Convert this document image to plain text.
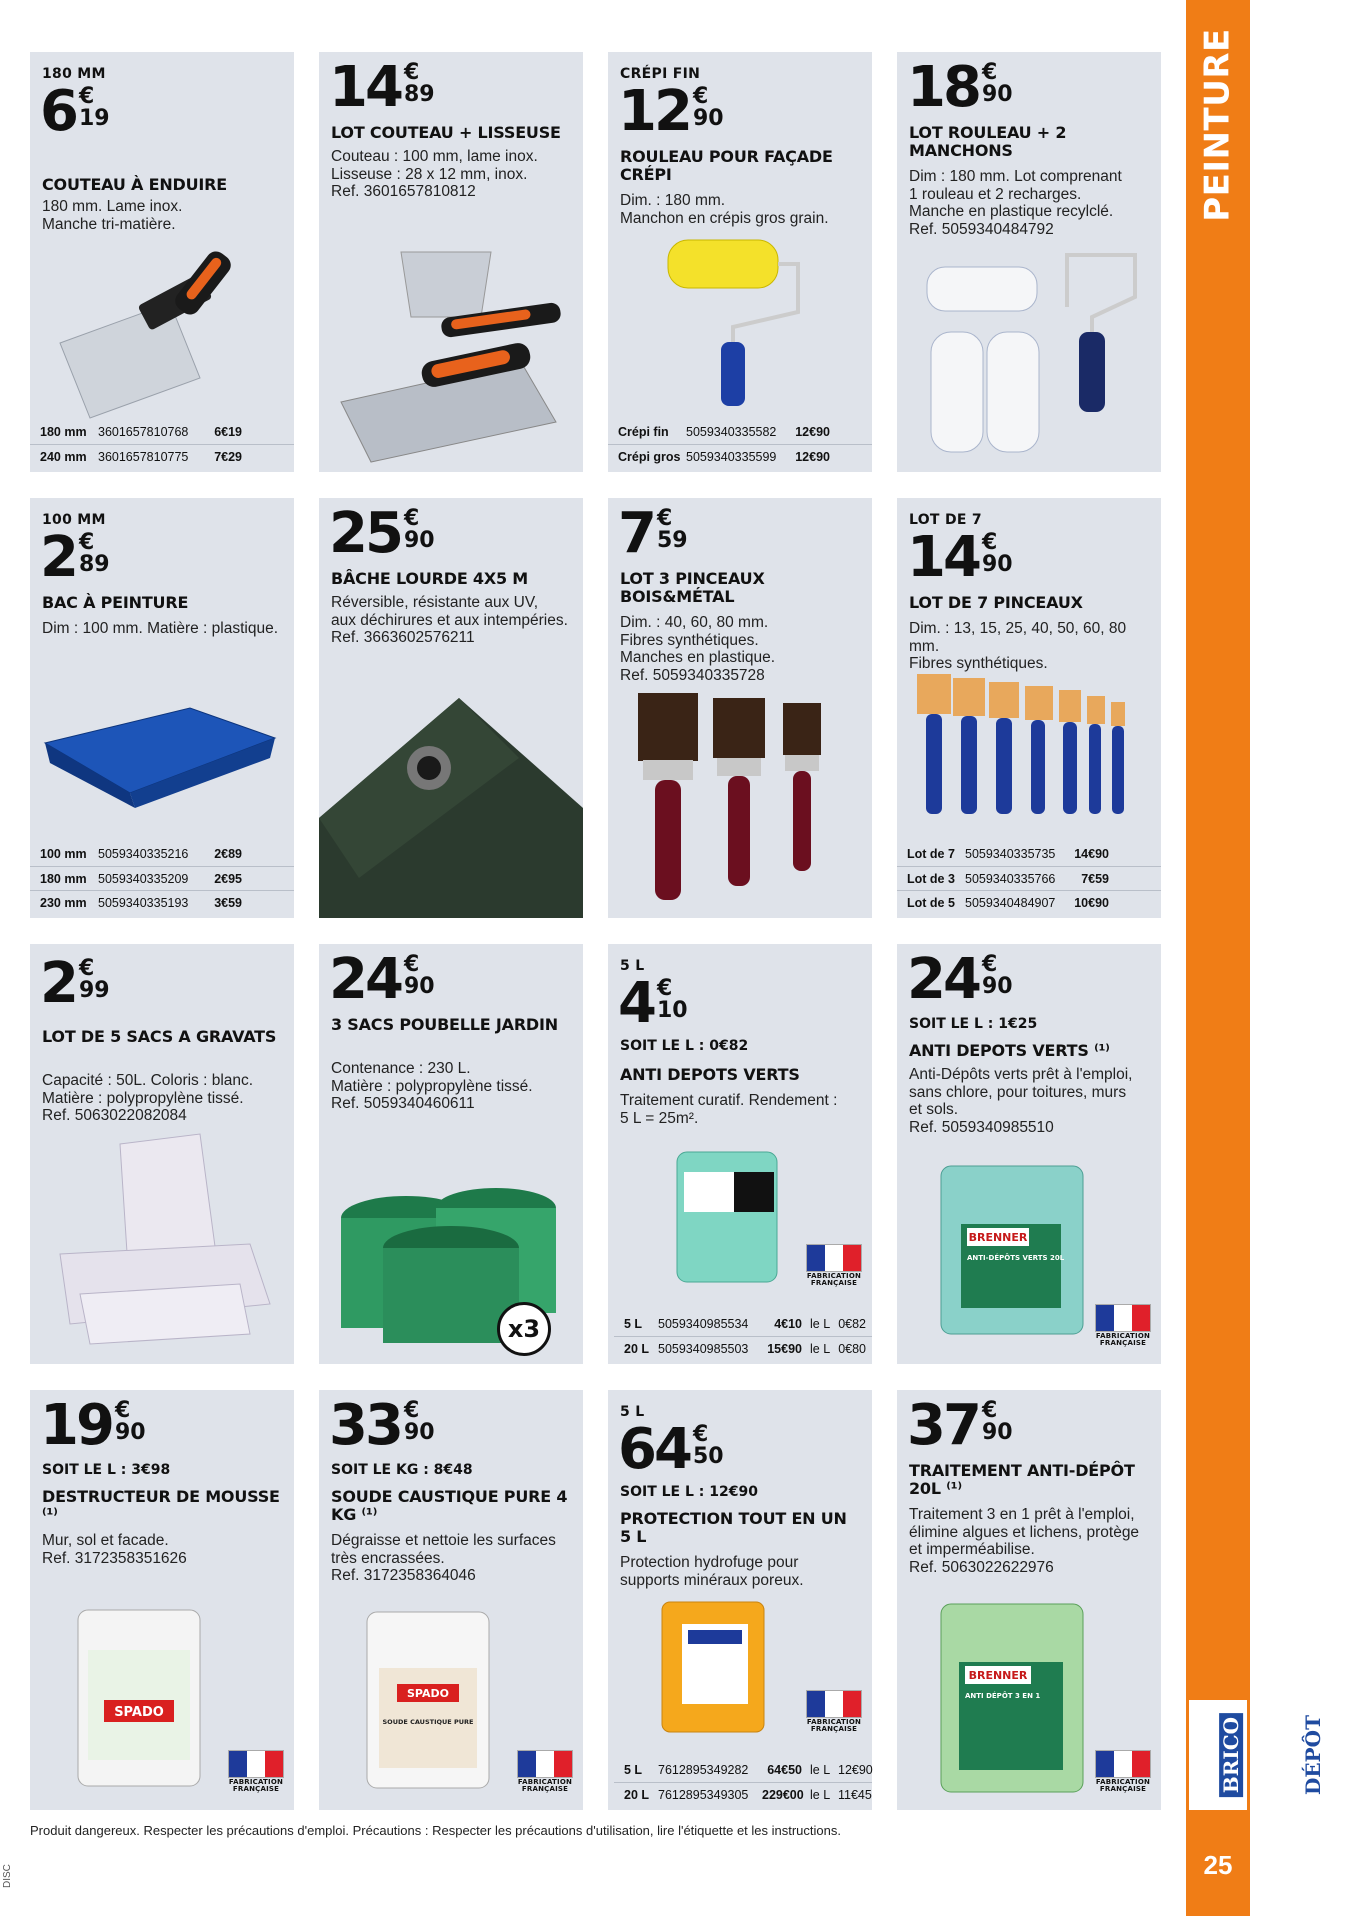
180 MM
6 €
19
COUTEAU À ENDUIRE
180 mm. Lame inox.
Manche tri-matière.
180 mm 3601657810768	6€19
240 mm 3601657810775	7€29
14 €
89
LOT COUTEAU + LISSEUSE
Couteau : 100 mm, lame inox.
Lisseuse : 28 x 12 mm, inox.
Ref. 3601657810812
CRÉPI FIN
12 €
90
ROULEAU POUR FAÇADE CRÉPI
Dim. : 180 mm.
Manchon en crépis gros grain.
Crépi fin	5059340335582	12€90
Crépi gros 5059340335599	12€90
18 €
90
LOT ROULEAU + 2 MANCHONS
Dim : 180 mm. Lot comprenant
1 rouleau et 2 recharges.
Manche en plastique recylclé.
Ref. 5059340484792
100 MM
2 €
89
BAC À PEINTURE
Dim : 100 mm. Matière : plastique.
100 mm 5059340335216	2€89
180 mm 5059340335209	2€95
230 mm 5059340335193	3€59
25 €
90
BÂCHE LOURDE 4X5 M
Réversible, résistante aux UV,
aux déchirures et aux intempéries.
Ref. 3663602576211
7 €
59
LOT 3 PINCEAUX BOIS&MÉTAL
Dim. : 40, 60, 80 mm.
Fibres synthétiques.
Manches en plastique.
Ref. 5059340335728
LOT DE 7
14 €
90
LOT DE 7 PINCEAUX
Dim. : 13, 15, 25, 40, 50, 60, 80 mm.
Fibres synthétiques.
Lot de 7 5059340335735	14€90
Lot de 3 5059340335766	7€59
Lot de 5 5059340484907	10€90
2 €
99
LOT DE 5 SACS A GRAVATS
Capacité : 50L. Coloris : blanc.
Matière : polypropylène tissé.
Ref. 5063022082084
24 €
90
3 SACS POUBELLE JARDIN
Contenance : 230 L.
Matière : polypropylène tissé.
Ref. 5059340460611
x3
5 L
4 €
10
SOIT LE L : 0€82
ANTI DEPOTS VERTS
Traitement curatif. Rendement :
5 L = 25m².
FABRICATION FRANÇAISE
5 L	5059340985534	4€10 le L 0€82
20 L 5059340985503	15€90 le L 0€80
24 €
90
SOIT LE L : 1€25
ANTI DEPOTS VERTS ⁽¹⁾
Anti-Dépôts verts prêt à l'emploi,
sans chlore, pour toitures, murs
et sols.
Ref. 5059340985510
BRENNER
ANTI-DÉPÔTS VERTS 20L
FABRICATION FRANÇAISE
19 €
90
SOIT LE L : 3€98
DESTRUCTEUR DE MOUSSE ⁽¹⁾
Mur, sol et facade.
Ref. 3172358351626
SPADO
FABRICATION FRANÇAISE
33 €
90
SOIT LE KG : 8€48
SOUDE CAUSTIQUE PURE 4 KG ⁽¹⁾
Dégraisse et nettoie les surfaces
très encrassées.
Ref. 3172358364046
SPADO
SOUDE CAUSTIQUE PURE
FABRICATION FRANÇAISE
5 L
64 €
50
SOIT LE L : 12€90
PROTECTION TOUT EN UN 5 L
Protection hydrofuge pour
supports minéraux poreux.
FABRICATION FRANÇAISE
5 L	7612895349282	64€50 le L 12€90
20 L 7612895349305	229€00 le L 11€45
37 €
90
TRAITEMENT ANTI-DÉPÔT 20L ⁽¹⁾
Traitement 3 en 1 prêt à l'emploi,
élimine algues et lichens, protège
et imperméabilise.
Ref. 5063022622976
BRENNER
ANTI DÉPÔT 3 EN 1
FABRICATION FRANÇAISE
Produit dangereux. Respecter les précautions d'emploi. Précautions : Respecter les précautions d'utilisation, lire l'étiquette et les instructions.
DISC
PEINTURE
BRICO	DÉPÔT
25
